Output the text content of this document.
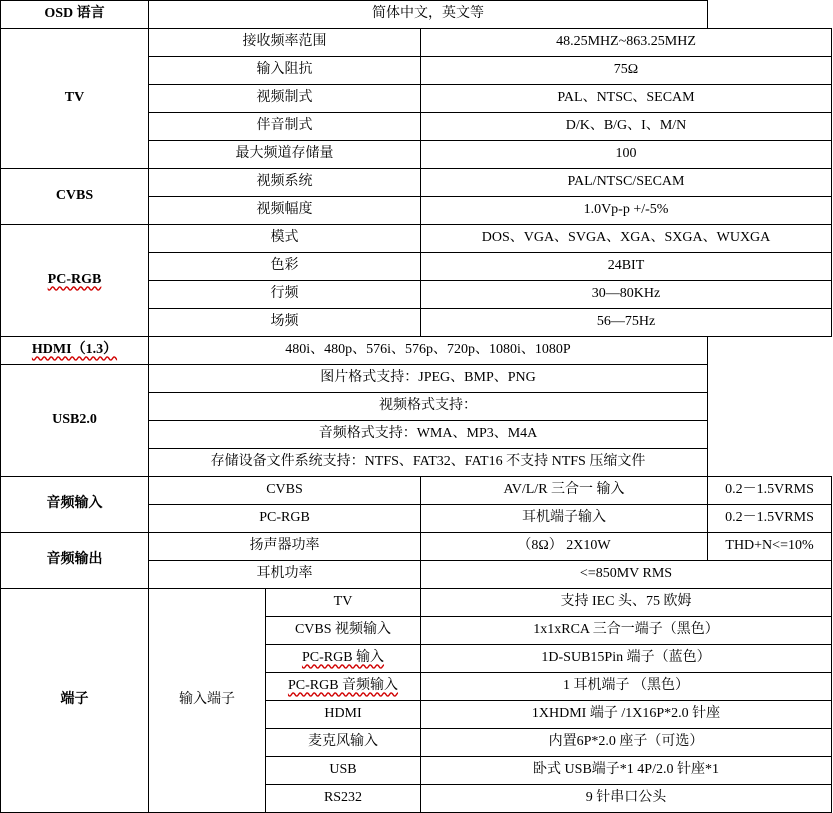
OSD 语言	简体中文，英文等			
TV	接收频率范围		48.25MHZ~863.25MHZ	
	输入阻抗		75Ω	
	视频制式		PAL、NTSC、SECAM	
	伴音制式		D/K、B/G、I、M/N	
	最大频道存储量		100	
CVBS	视频系统		PAL/NTSC/SECAM	
	视频幅度		1.0Vp-p +/-5%	
PC-RGB	模式		DOS、VGA、SVGA、XGA、SXGA、WUXGA	
	色彩		24BIT	
	行频		30—80KHz	
	场频		56—75Hz	
HDMI（1.3）	480i、480p、576i、576p、720p、1080i、1080P			
USB2.0	图片格式支持：JPEG、BMP、PNG			
	视频格式支持：			
	音频格式支持：WMA、MP3、M4A			
	存储设备文件系统支持：NTFS、FAT32、FAT16 不支持 NTFS 压缩文件			
音频输入	CVBS		AV/L/R 三合一 输入	0.2－1.5VRMS
	PC-RGB		耳机端子输入	0.2－1.5VRMS
音频输出	扬声器功率		（8Ω） 2X10W	THD+N<=10%
	耳机功率		<=850MV RMS	
端子	输入端子	TV	支持 IEC 头、75 欧姆	
		CVBS 视频输入	1x1xRCA 三合一端子（黑色）	
		PC-RGB 输入	1D-SUB15Pin 端子（蓝色）	
		PC-RGB 音频输入	1 耳机端子 （黑色）	
		HDMI	1XHDMI 端子 /1X16P*2.0 针座	
		麦克风输入	内置6P*2.0 座子（可选）	
		USB	卧式 USB端子*1 4P/2.0 针座*1	
		RS232	9 针串口公头	
